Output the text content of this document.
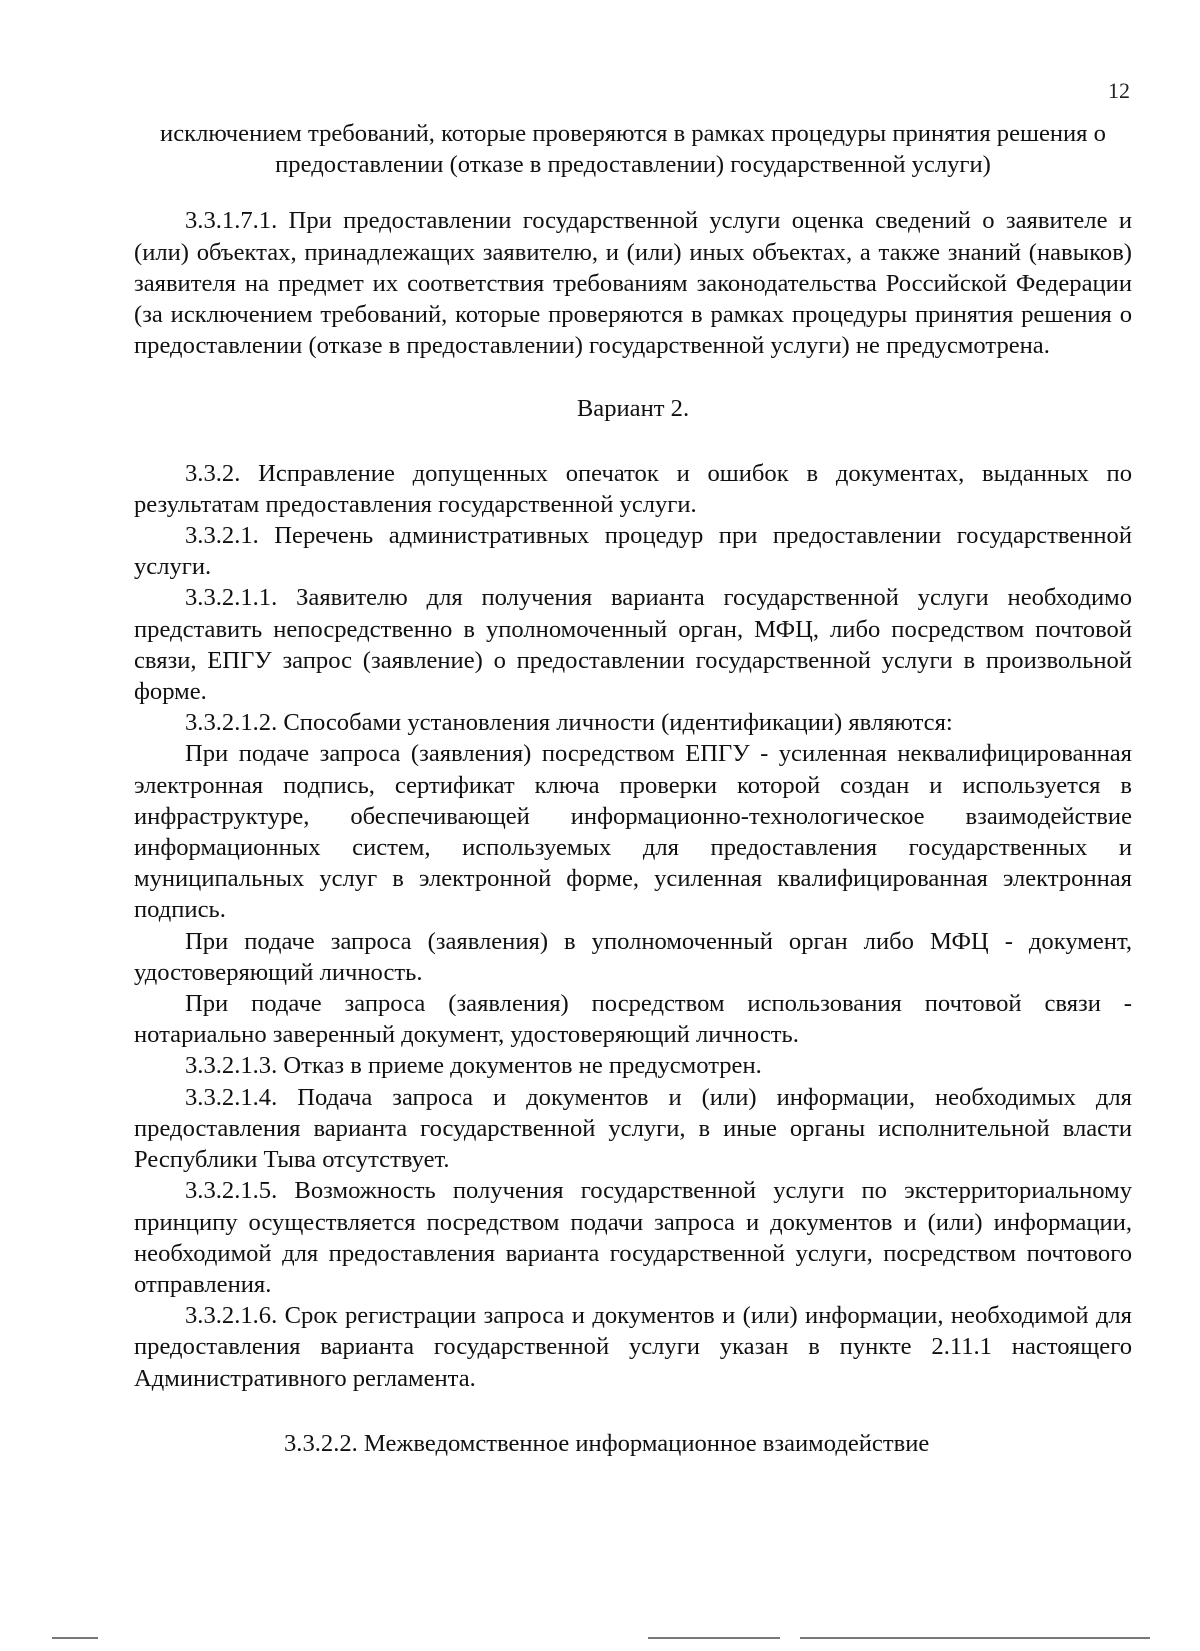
12

исключением требований, которые проверяются в рамках процедуры принятия решения о предоставлении (отказе в предоставлении) государственной услуги)

3.3.1.7.1. При предоставлении государственной услуги оценка сведений о заявителе и (или) объектах, принадлежащих заявителю, и (или) иных объектах, а также знаний (навыков) заявителя на предмет их соответствия требованиям законодательства Российской Федерации (за исключением требований, которые проверяются в рамках процедуры принятия решения о предоставлении (отказе в предоставлении) государственной услуги) не предусмотрена.

Вариант 2.

3.3.2. Исправление допущенных опечаток и ошибок в документах, выданных по результатам предоставления государственной услуги.

3.3.2.1. Перечень административных процедур при предоставлении государственной услуги.

3.3.2.1.1. Заявителю для получения варианта государственной услуги необходимо представить непосредственно в уполномоченный орган, МФЦ, либо посредством почтовой связи, ЕПГУ запрос (заявление) о предоставлении государственной услуги в произвольной форме.

3.3.2.1.2. Способами установления личности (идентификации) являются:

При подаче запроса (заявления) посредством ЕПГУ - усиленная неквалифицированная электронная подпись, сертификат ключа проверки которой создан и используется в инфраструктуре, обеспечивающей информационно-технологическое взаимодействие информационных систем, используемых для предоставления государственных и муниципальных услуг в электронной форме, усиленная квалифицированная электронная подпись.

При подаче запроса (заявления) в уполномоченный орган либо МФЦ - документ, удостоверяющий личность.

При подаче запроса (заявления) посредством использования почтовой связи - нотариально заверенный документ, удостоверяющий личность.

3.3.2.1.3. Отказ в приеме документов не предусмотрен.

3.3.2.1.4. Подача запроса и документов и (или) информации, необходимых для предоставления варианта государственной услуги, в иные органы исполнительной власти Республики Тыва отсутствует.

3.3.2.1.5. Возможность получения государственной услуги по экстерриториальному принципу осуществляется посредством подачи запроса и документов и (или) информации, необходимой для предоставления варианта государственной услуги, посредством почтового отправления.

3.3.2.1.6. Срок регистрации запроса и документов и (или) информации, необходимой для предоставления варианта государственной услуги указан в пункте 2.11.1 настоящего Административного регламента.

3.3.2.2. Межведомственное информационное взаимодействие
